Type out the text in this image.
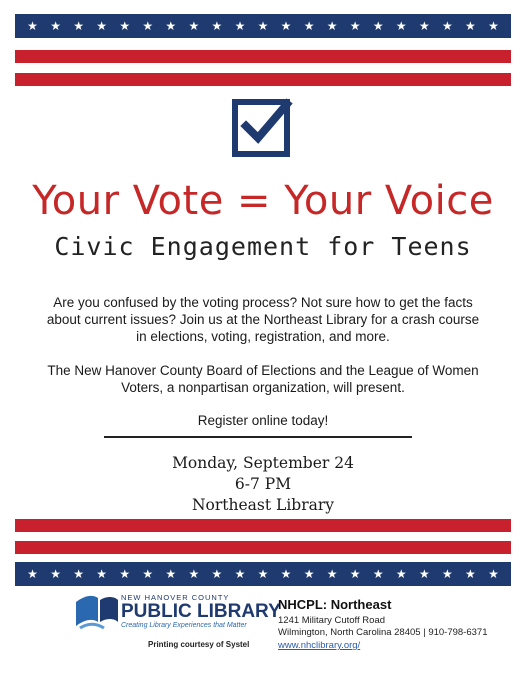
★ ★ ★ ★ ★ ★ ★ ★ ★ ★ ★ ★ ★ ★ ★ ★ ★ ★ ★ ★ ★
Your Vote = Your Voice
Civic Engagement for Teens
Are you confused by the voting process? Not sure how to get the facts
about current issues? Join us at the Northeast Library for a crash course
in elections, voting, registration, and more.
The New Hanover County Board of Elections and the League of Women
Voters, a nonpartisan organization, will present.
Register online today!
Monday, September 24
6-7 PM
Northeast Library
★ ★ ★ ★ ★ ★ ★ ★ ★ ★ ★ ★ ★ ★ ★ ★ ★ ★ ★ ★ ★
NEW HANOVER COUNTY
PUBLIC LIBRARY
Creating Library Experiences that Matter
Printing courtesy of Systel
NHCPL: Northeast
1241 Military Cutoff Road
Wilmington, North Carolina 28405 | 910-798-6371
www.nhclibrary.org/
